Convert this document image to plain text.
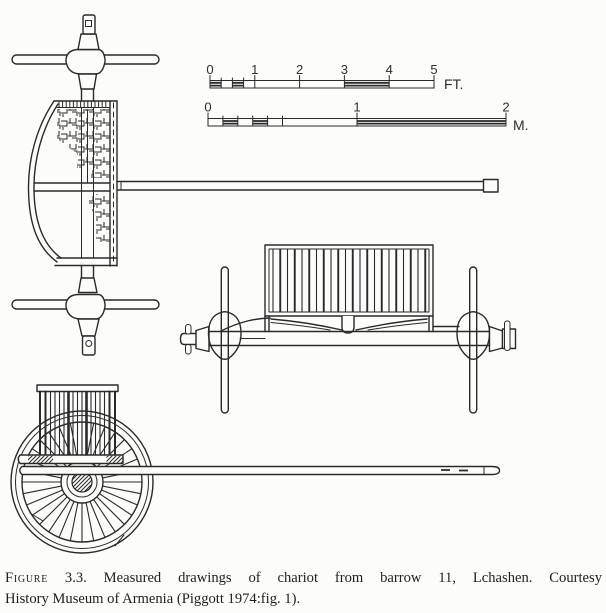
0	1	2	3	4	5
FT.
0	1	2
M.
Figure 3.3. Measured drawings of chariot from barrow 11, Lchashen. Courtesy
History Museum of Armenia (Piggott 1974:fig. 1).
